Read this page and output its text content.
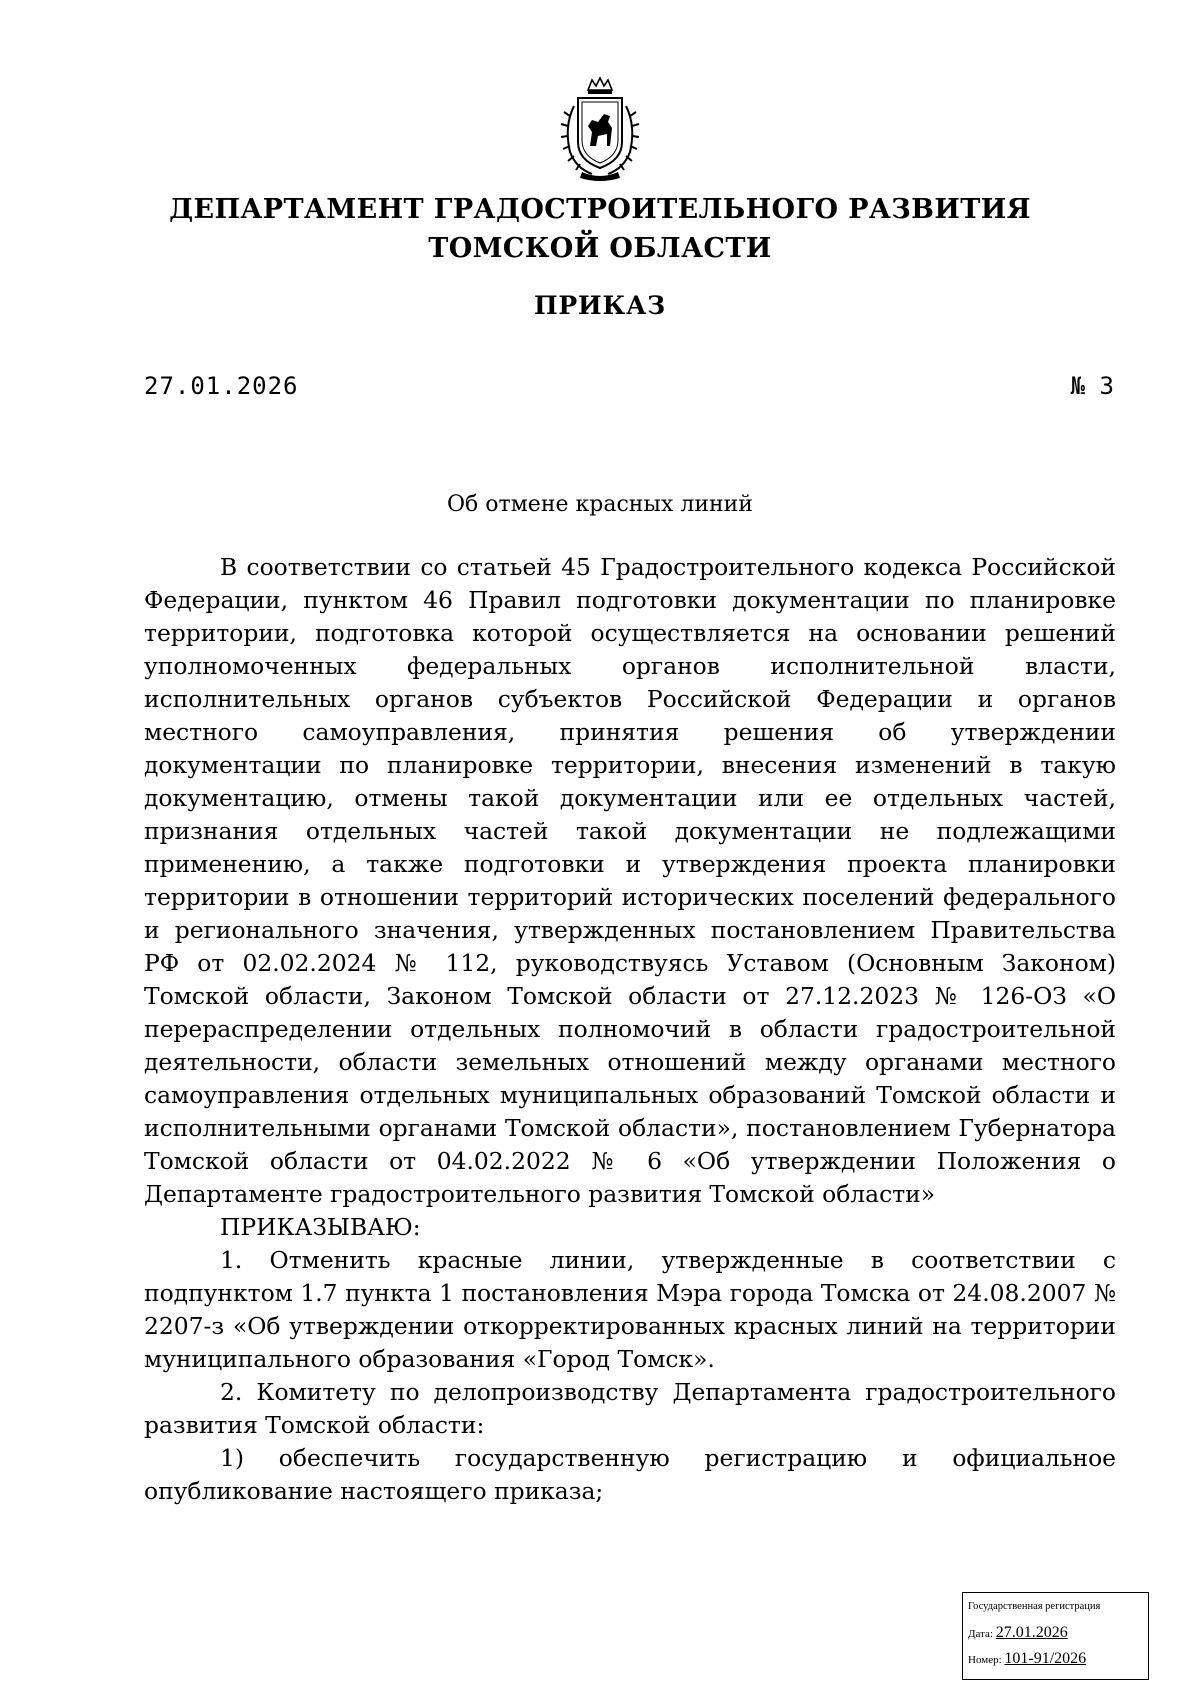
ДЕПАРТАМЕНТ ГРАДОСТРОИТЕЛЬНОГО РАЗВИТИЯ
ТОМСКОЙ ОБЛАСТИ
ПРИКАЗ
27.01.2026	№ 3
Об отмене красных линий

В соответствии со статьей 45 Градостроительного кодекса Российской Федерации, пунктом 46 Правил подготовки документации по планировке территории, подготовка которой осуществляется на основании решений уполномоченных федеральных органов исполнительной власти, исполнительных органов субъектов Российской Федерации и органов местного самоуправления, принятия решения об утверждении документации по планировке территории, внесения изменений в такую документацию, отмены такой документации или ее отдельных частей, признания отдельных частей такой документации не подлежащими применению, а также подготовки и утверждения проекта планировки территории в отношении территорий исторических поселений федерального и регионального значения, утвержденных постановлением Правительства РФ от 02.02.2024 № 112, руководствуясь Уставом (Основным Законом) Томской области, Законом Томской области от 27.12.2023 № 126-ОЗ «О перераспределении отдельных полномочий в области градостроительной деятельности, области земельных отношений между органами местного самоуправления отдельных муниципальных образований Томской области и исполнительными органами Томской области», постановлением Губернатора Томской области от 04.02.2022 № 6 «Об утверждении Положения о Департаменте градостроительного развития Томской области»

ПРИКАЗЫВАЮ:

1. Отменить красные линии, утвержденные в соответствии с подпунктом 1.7 пункта 1 постановления Мэра города Томска от 24.08.2007 № 2207-з «Об утверждении откорректированных красных линий на территории муниципального образования «Город Томск».

2. Комитету по делопроизводству Департамента градостроительного развития Томской области:

1) обеспечить государственную регистрацию и официальное опубликование настоящего приказа;

Государственная регистрация
Дата: 27.01.2026
Номер: 101-91/2026
